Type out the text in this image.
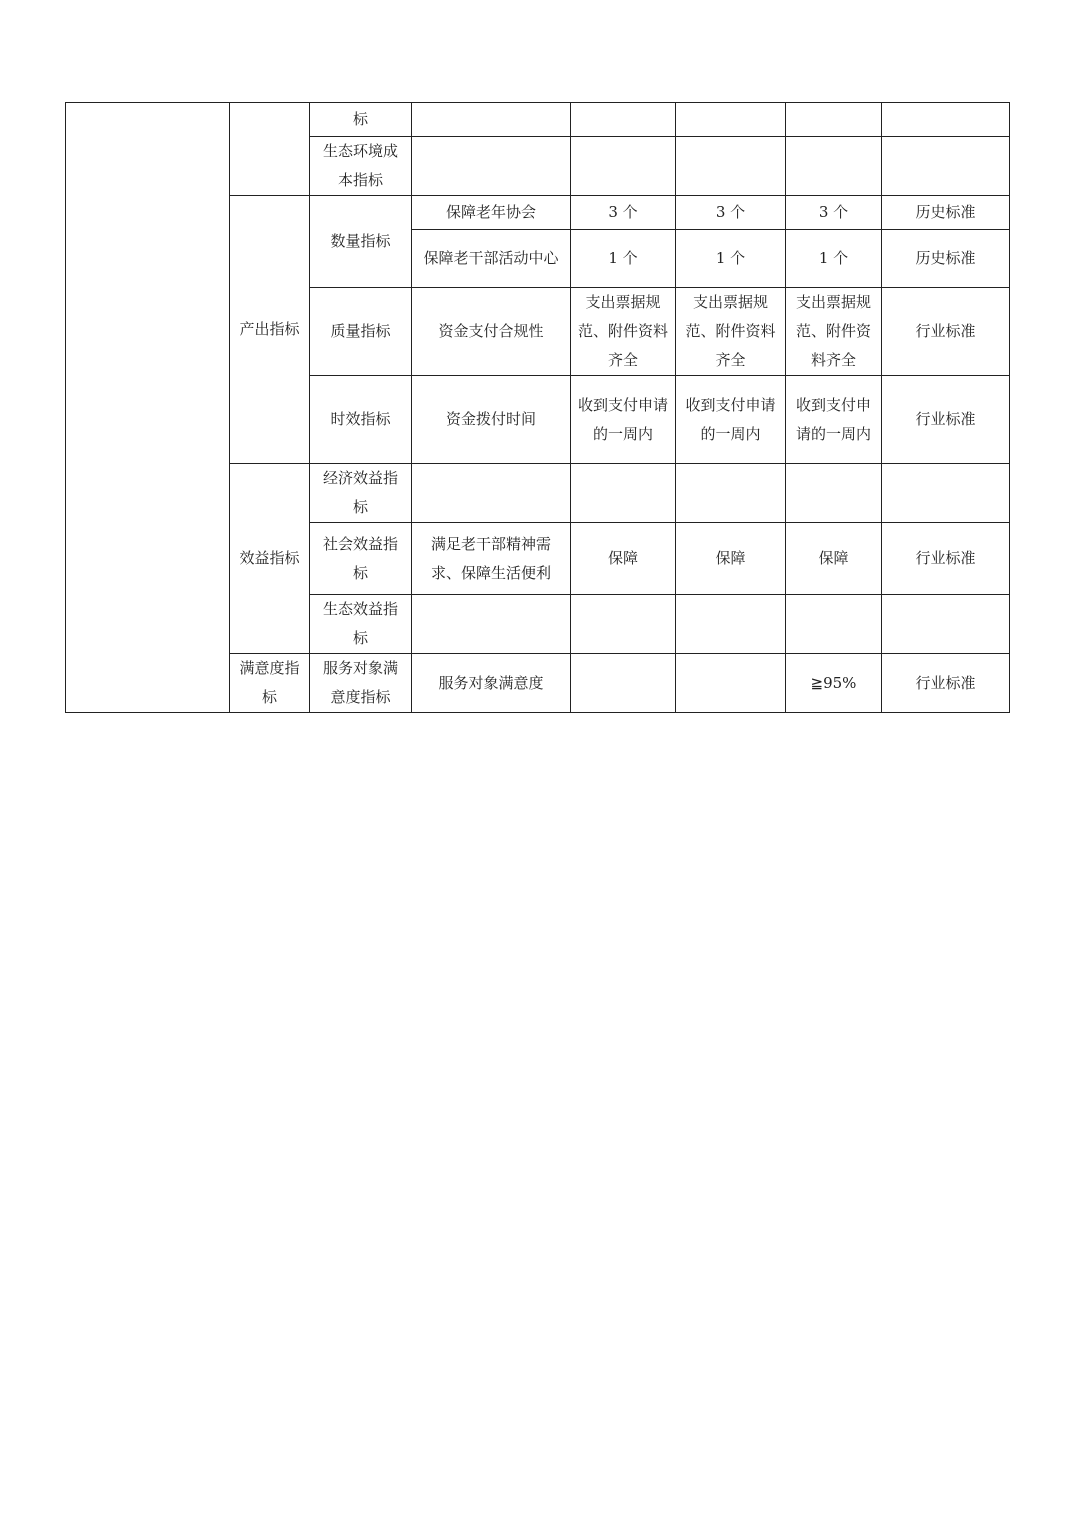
		标					
		生态环境成本指标					
	产出指标	数量指标	保障老年协会	3 个	3 个	3 个	历史标准
			保障老干部活动中心	1 个	1 个	1 个	历史标准
		质量指标	资金支付合规性	支出票据规范、附件资料齐全	支出票据规范、附件资料齐全	支出票据规范、附件资料齐全	行业标准
		时效指标	资金拨付时间	收到支付申请的一周内	收到支付申请的一周内	收到支付申请的一周内	行业标准
	效益指标	经济效益指标					
		社会效益指标	满足老干部精神需求、保障生活便利	保障	保障	保障	行业标准
		生态效益指标					
	满意度指标	服务对象满意度指标	服务对象满意度			≧95%	行业标准
